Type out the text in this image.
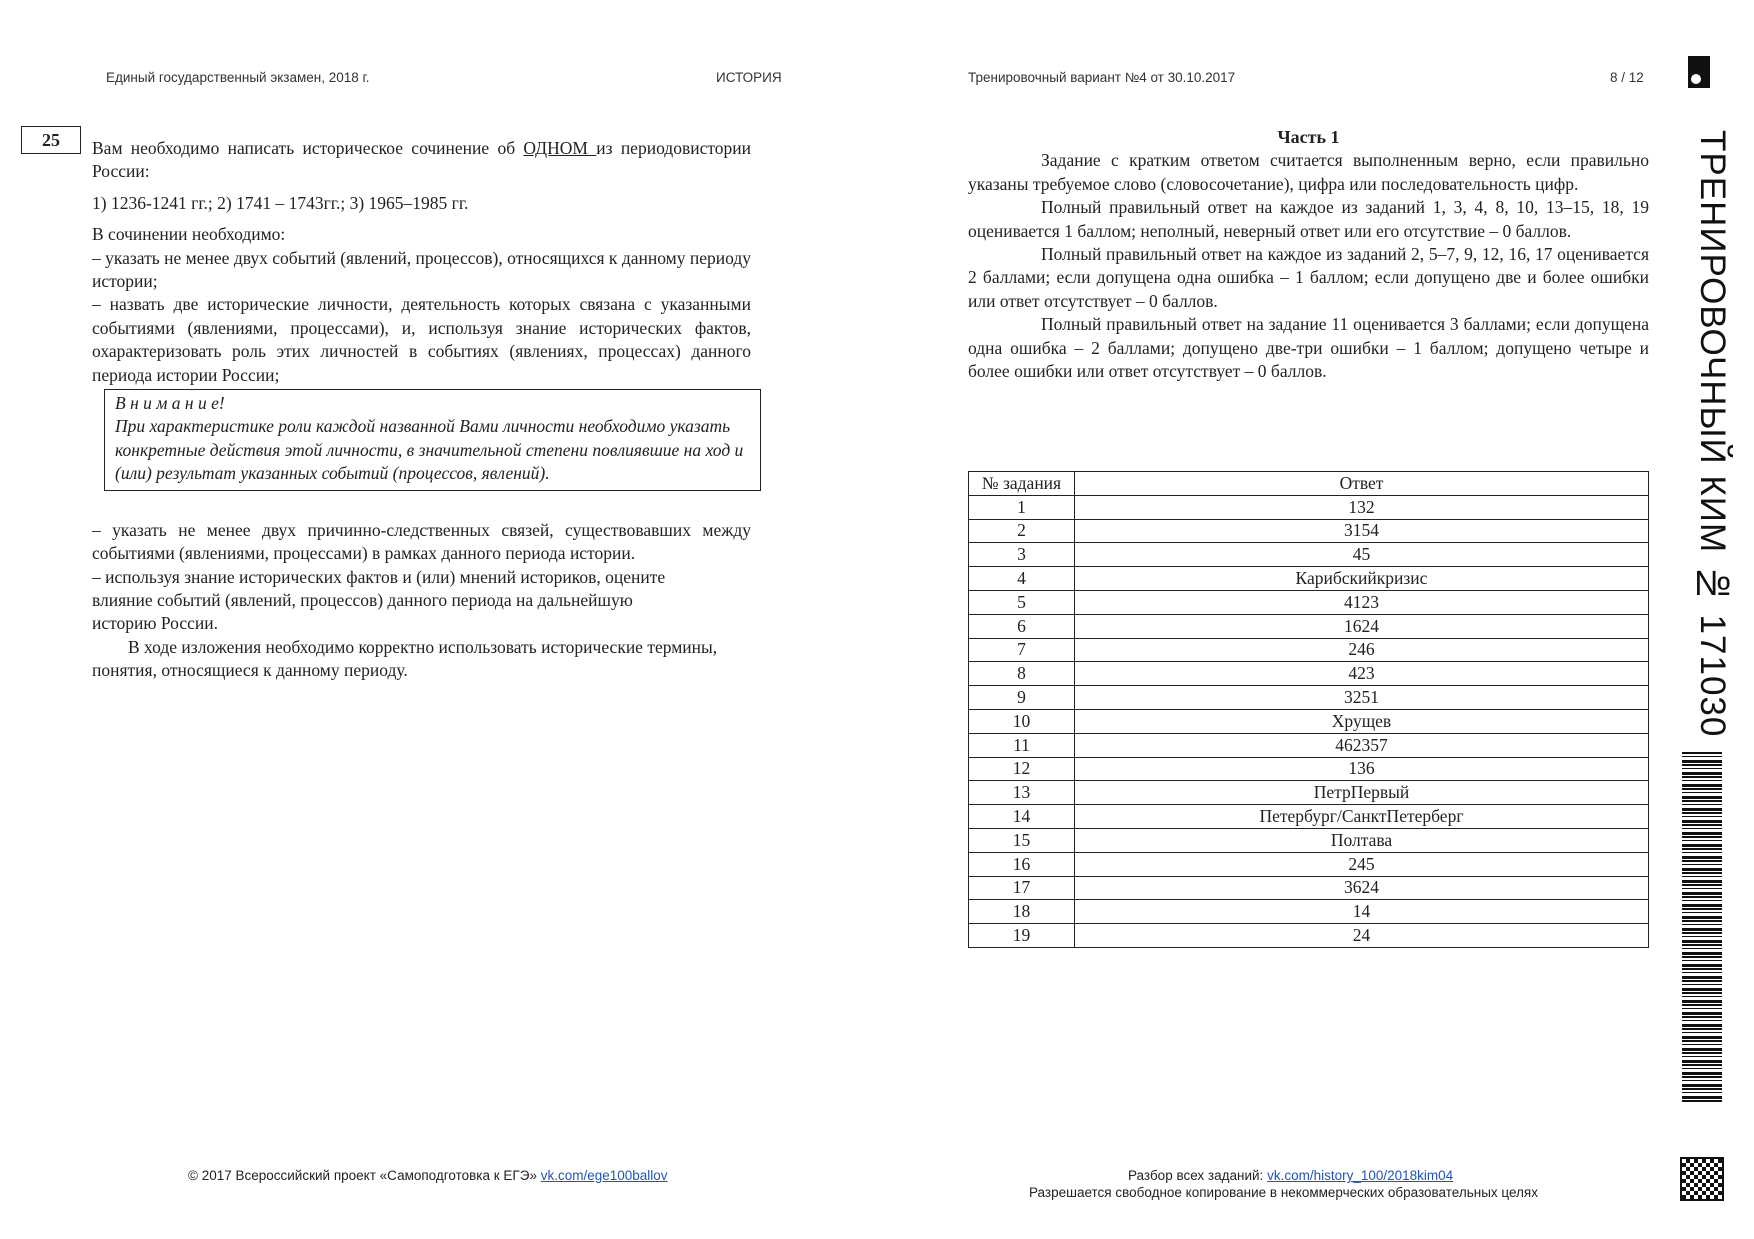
Единый государственный экзамен, 2018 г.	ИСТОРИЯ	Тренировочный вариант №4 от 30.10.2017	8 / 12
25	Вам необходимо написать историческое сочинение об ОДНОМ из периодовистории России:

1) 1236-1241 гг.; 2) 1741 – 1743гг.; 3) 1965–1985 гг.

В сочинении необходимо:

– указать не менее двух событий (явлений, процессов), относящихся к данному периоду истории;

– назвать две исторические личности, деятельность которых связана с указанными событиями (явлениями, процессами), и, используя знание исторических фактов, охарактеризовать роль этих личностей в событиях (явлениях, процессах) данного периода истории России;

В н и м а н и е!
При характеристике роли каждой названной Вами личности необходимо указать конкретные действия этой личности, в значительной степени повлиявшие на ход и (или) результат указанных событий (процессов, явлений).

– указать не менее двух причинно-следственных связей, существовавших между событиями (явлениями, процессами) в рамках данного периода истории.

– используя знание исторических фактов и (или) мнений историков, оцените влияние событий (явлений, процессов) данного периода на дальнейшую историю России.

В ходе изложения необходимо корректно использовать исторические термины, понятия, относящиеся к данному периоду.

Часть 1

Задание с кратким ответом считается выполненным верно, если правильно указаны требуемое слово (словосочетание), цифра или последовательность цифр.

Полный правильный ответ на каждое из заданий 1, 3, 4, 8, 10, 13–15, 18, 19 оценивается 1 баллом; неполный, неверный ответ или его отсутствие – 0 баллов.

Полный правильный ответ на каждое из заданий 2, 5–7, 9, 12, 16, 17 оценивается 2 баллами; если допущена одна ошибка – 1 баллом; если допущено две и более ошибки или ответ отсутствует – 0 баллов.

Полный правильный ответ на задание 11 оценивается 3 баллами; если допущена одна ошибка – 2 баллами; допущено две-три ошибки – 1 баллом; допущено четыре и более ошибки или ответ отсутствует – 0 баллов.

№ задания	Ответ
1	132
2	3154
3	45
4	Карибскийкризис
5	4123
6	1624
7	246
8	423
9	3251
10	Хрущев
11	462357
12	136
13	ПетрПервый
14	Петербург/СанктПетерберг
15	Полтава
16	245
17	3624
18	14
19	24
ТРЕНИРОВОЧНЫЙ КИМ № 171030
© 2017 Всероссийский проект «Самоподготовка к ЕГЭ» vk.com/ege100ballov	Разбор всех заданий: vk.com/history_100/2018kim04
Разрешается свободное копирование в некоммерческих образовательных целях
